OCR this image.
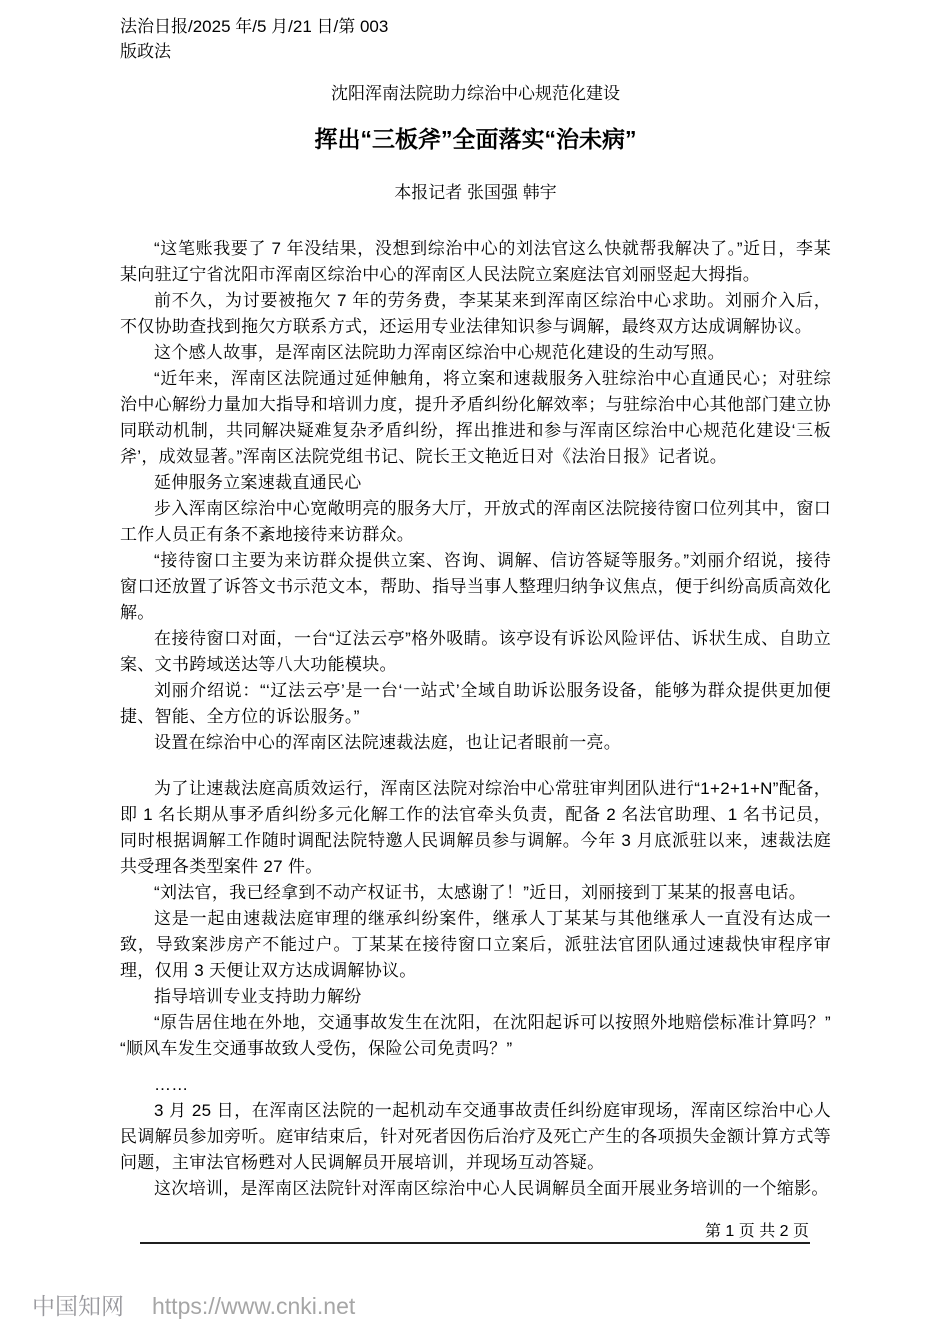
法治日报/2025 年/5 月/21 日/第 003
版政法
沈阳浑南法院助力综治中心规范化建设
挥出“三板斧”全面落实“治未病”
本报记者 张国强 韩宇

“这笔账我要了 7 年没结果，没想到综治中心的刘法官这么快就帮我解决了。”近日，李某某向驻辽宁省沈阳市浑南区综治中心的浑南区人民法院立案庭法官刘丽竖起大拇指。

前不久，为讨要被拖欠 7 年的劳务费，李某某来到浑南区综治中心求助。刘丽介入后，不仅协助查找到拖欠方联系方式，还运用专业法律知识参与调解，最终双方达成调解协议。

这个感人故事，是浑南区法院助力浑南区综治中心规范化建设的生动写照。

“近年来，浑南区法院通过延伸触角，将立案和速裁服务入驻综治中心直通民心；对驻综治中心解纷力量加大指导和培训力度，提升矛盾纠纷化解效率；与驻综治中心其他部门建立协同联动机制，共同解决疑难复杂矛盾纠纷，挥出推进和参与浑南区综治中心规范化建设‘三板斧’，成效显著。”浑南区法院党组书记、院长王文艳近日对《法治日报》记者说。

延伸服务立案速裁直通民心

步入浑南区综治中心宽敞明亮的服务大厅，开放式的浑南区法院接待窗口位列其中，窗口工作人员正有条不紊地接待来访群众。

“接待窗口主要为来访群众提供立案、咨询、调解、信访答疑等服务。”刘丽介绍说，接待窗口还放置了诉答文书示范文本，帮助、指导当事人整理归纳争议焦点，便于纠纷高质高效化解。

在接待窗口对面，一台“辽法云亭”格外吸睛。该亭设有诉讼风险评估、诉状生成、自助立案、文书跨域送达等八大功能模块。

刘丽介绍说：“‘辽法云亭’是一台‘一站式’全域自助诉讼服务设备，能够为群众提供更加便捷、智能、全方位的诉讼服务。”

设置在综治中心的浑南区法院速裁法庭，也让记者眼前一亮。

为了让速裁法庭高质效运行，浑南区法院对综治中心常驻审判团队进行“1+2+1+N”配备，即 1 名长期从事矛盾纠纷多元化解工作的法官牵头负责，配备 2 名法官助理、1 名书记员，同时根据调解工作随时调配法院特邀人民调解员参与调解。今年 3 月底派驻以来，速裁法庭共受理各类型案件 27 件。

“刘法官，我已经拿到不动产权证书，太感谢了！”近日，刘丽接到丁某某的报喜电话。

这是一起由速裁法庭审理的继承纠纷案件，继承人丁某某与其他继承人一直没有达成一致，导致案涉房产不能过户。丁某某在接待窗口立案后，派驻法官团队通过速裁快审程序审理，仅用 3 天便让双方达成调解协议。

指导培训专业支持助力解纷

“原告居住地在外地，交通事故发生在沈阳，在沈阳起诉可以按照外地赔偿标准计算吗？”“顺风车发生交通事故致人受伤，保险公司免责吗？”

……

3 月 25 日，在浑南区法院的一起机动车交通事故责任纠纷庭审现场，浑南区综治中心人民调解员参加旁听。庭审结束后，针对死者因伤后治疗及死亡产生的各项损失金额计算方式等问题，主审法官杨甦对人民调解员开展培训，并现场互动答疑。

这次培训，是浑南区法院针对浑南区综治中心人民调解员全面开展业务培训的一个缩影。

第 1 页 共 2 页
中国知网 https://www.cnki.net
